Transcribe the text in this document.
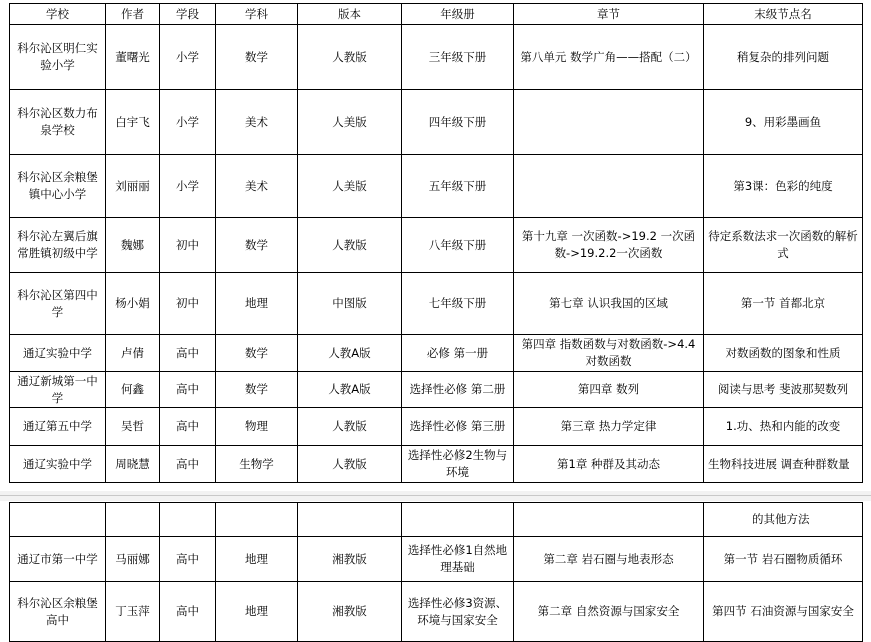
学校	作者	学段	学科	版本	年级册	章节	末级节点名
科尔沁区明仁实验小学	董曙光	小学	数学	人教版	三年级下册	第八单元 数学广角——搭配（二）	稍复杂的排列问题
科尔沁区数力布泉学校	白宇飞	小学	美术	人美版	四年级下册		9、用彩墨画鱼
科尔沁区余粮堡镇中心小学	刘丽丽	小学	美术	人美版	五年级下册		第3课：色彩的纯度
科尔沁左翼后旗常胜镇初级中学	魏娜	初中	数学	人教版	八年级下册	第十九章 一次函数->19.2 一次函数->19.2.2一次函数	待定系数法求一次函数的解析式
科尔沁区第四中学	杨小娟	初中	地理	中图版	七年级下册	第七章 认识我国的区域	第一节 首都北京
通辽实验中学	卢倩	高中	数学	人教A版	必修 第一册	第四章 指数函数与对数函数->4.4 对数函数	对数函数的图象和性质
通辽新城第一中学	何鑫	高中	数学	人教A版	选择性必修 第二册	第四章 数列	阅读与思考 斐波那契数列
通辽第五中学	吴哲	高中	物理	人教版	选择性必修 第三册	第三章 热力学定律	1.功、热和内能的改变
通辽实验中学	周晓慧	高中	生物学	人教版	选择性必修2生物与环境	第1章 种群及其动态	生物科技进展 调查种群数量
							的其他方法
通辽市第一中学	马丽娜	高中	地理	湘教版	选择性必修1自然地理基础	第二章 岩石圈与地表形态	第一节 岩石圈物质循环
科尔沁区余粮堡高中	丁玉萍	高中	地理	湘教版	选择性必修3资源、环境与国家安全	第二章 自然资源与国家安全	第四节 石油资源与国家安全
